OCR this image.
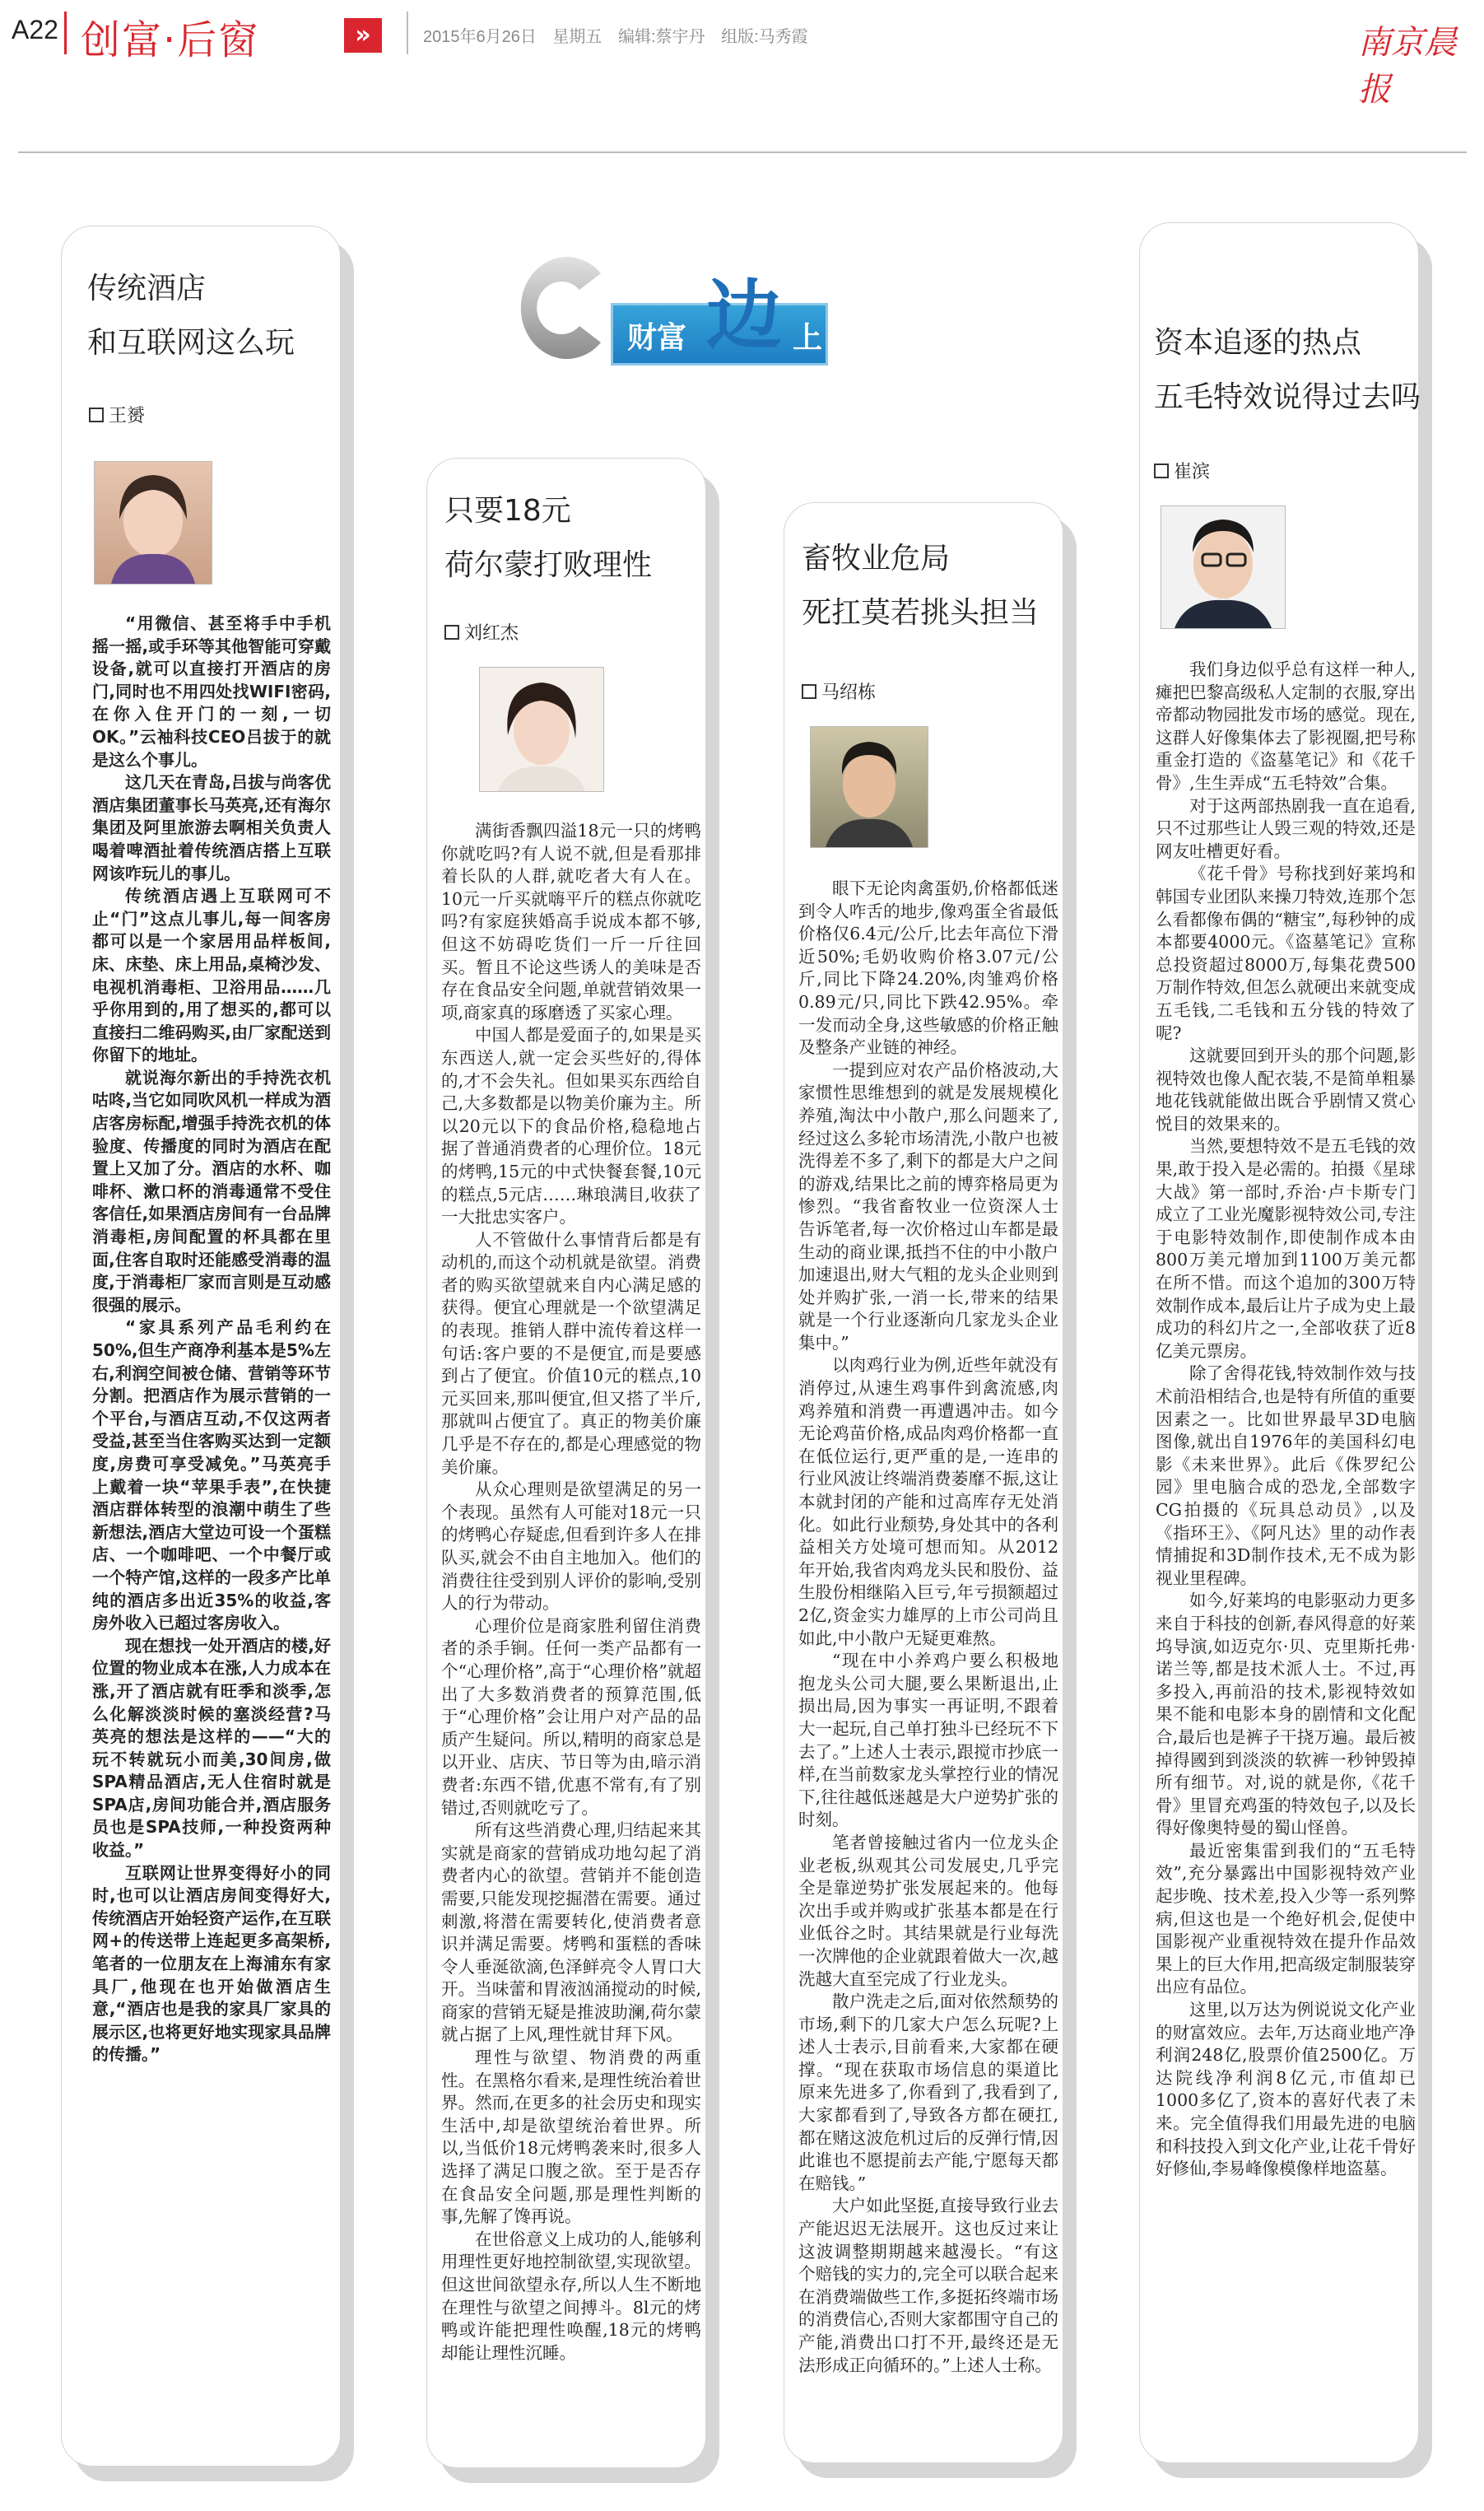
A22 创富·后窗	»	2015年6月26日 星期五 编辑:蔡宇丹 组版:马秀霞	南京晨报
财富 边 上
传统酒店
和互联网这么玩
王赟

“用微信、甚至将手中手机摇一摇,或手环等其他智能可穿戴设备,就可以直接打开酒店的房门,同时也不用四处找WIFI密码,在你入住开门的一刻,一切OK。”云袖科技CEO吕拔于的就是这么个事儿。

这几天在青岛,吕拔与尚客优酒店集团董事长马英亮,还有海尔集团及阿里旅游去啊相关负责人喝着啤酒扯着传统酒店搭上互联网该咋玩儿的事儿。

传统酒店遇上互联网可不止“门”这点儿事儿,每一间客房都可以是一个家居用品样板间,床、床垫、床上用品,桌椅沙发、电视机消毒柜、卫浴用品……几乎你用到的,用了想买的,都可以直接扫二维码购买,由厂家配送到你留下的地址。

就说海尔新出的手持洗衣机咕咚,当它如同吹风机一样成为酒店客房标配,增强手持洗衣机的体验度、传播度的同时为酒店在配置上又加了分。酒店的水杯、咖啡杯、漱口杯的消毒通常不受住客信任,如果酒店房间有一台品牌消毒柜,房间配置的杯具都在里面,住客自取时还能感受消毒的温度,于消毒柜厂家而言则是互动感很强的展示。

“家具系列产品毛利约在50%,但生产商净利基本是5%左右,利润空间被仓储、营销等环节分割。把酒店作为展示营销的一个平台,与酒店互动,不仅这两者受益,甚至当住客购买达到一定额度,房费可享受减免。”马英亮手上戴着一块“苹果手表”,在快捷酒店群体转型的浪潮中萌生了些新想法,酒店大堂边可设一个蛋糕店、一个咖啡吧、一个中餐厅或一个特产馆,这样的一段多产比单纯的酒店多出近35%的收益,客房外收入已超过客房收入。

现在想找一处开酒店的楼,好位置的物业成本在涨,人力成本在涨,开了酒店就有旺季和淡季,怎么化解淡淡时候的塞淡经营?马英亮的想法是这样的——“大的玩不转就玩小而美,30间房,做SPA精品酒店,无人住宿时就是SPA店,房间功能合并,酒店服务员也是SPA技师,一种投资两种收益。”

互联网让世界变得好小的同时,也可以让酒店房间变得好大,传统酒店开始轻资产运作,在互联网+的传送带上连起更多高架桥,笔者的一位朋友在上海浦东有家具厂,他现在也开始做酒店生意,“酒店也是我的家具厂家具的展示区,也将更好地实现家具品牌的传播。”

只要18元
荷尔蒙打败理性
刘红杰

满街香飘四溢18元一只的烤鸭你就吃吗?有人说不就,但是看那排着长队的人群,就吃者大有人在。10元一斤买就嗨平斤的糕点你就吃吗?有家庭狭婚高手说成本都不够,但这不妨碍吃货们一斤一斤往回买。暂且不论这些诱人的美味是否存在食品安全问题,单就营销效果一项,商家真的琢磨透了买家心理。

中国人都是爱面子的,如果是买东西送人,就一定会买些好的,得体的,才不会失礼。但如果买东西给自己,大多数都是以物美价廉为主。所以20元以下的食品价格,稳稳地占据了普通消费者的心理价位。18元的烤鸭,15元的中式快餐套餐,10元的糕点,5元店……琳琅满目,收获了一大批忠实客户。

人不管做什么事情背后都是有动机的,而这个动机就是欲望。消费者的购买欲望就来自内心满足感的获得。便宜心理就是一个欲望满足的表现。推销人群中流传着这样一句话:客户要的不是便宜,而是要感到占了便宜。价值10元的糕点,10元买回来,那叫便宜,但又搭了半斤,那就叫占便宜了。真正的物美价廉几乎是不存在的,都是心理感觉的物美价廉。

从众心理则是欲望满足的另一个表现。虽然有人可能对18元一只的烤鸭心存疑虑,但看到许多人在排队买,就会不由自主地加入。他们的消费往往受到别人评价的影响,受别人的行为带动。

心理价位是商家胜利留住消费者的杀手锏。任何一类产品都有一个“心理价格”,高于“心理价格”就超出了大多数消费者的预算范围,低于“心理价格”会让用户对产品的品质产生疑问。所以,精明的商家总是以开业、店庆、节日等为由,暗示消费者:东西不错,优惠不常有,有了别错过,否则就吃亏了。

所有这些消费心理,归结起来其实就是商家的营销成功地勾起了消费者内心的欲望。营销并不能创造需要,只能发现挖掘潜在需要。通过刺激,将潜在需要转化,使消费者意识并满足需要。烤鸭和蛋糕的香味令人垂涎欲滴,色泽鲜亮令人胃口大开。当味蕾和胃液汹涌搅动的时候,商家的营销无疑是推波助澜,荷尔蒙就占据了上风,理性就甘拜下风。

理性与欲望、物消费的两重性。在黑格尔看来,是理性统治着世界。然而,在更多的社会历史和现实生活中,却是欲望统治着世界。所以,当低价18元烤鸭袭来时,很多人选择了满足口腹之欲。至于是否存在食品安全问题,那是理性判断的事,先解了馋再说。

在世俗意义上成功的人,能够利用理性更好地控制欲望,实现欲望。但这世间欲望永存,所以人生不断地在理性与欲望之间搏斗。8l元的烤鸭或许能把理性唤醒,18元的烤鸭却能让理性沉睡。

畜牧业危局
死扛莫若挑头担当
马绍栋

眼下无论肉禽蛋奶,价格都低迷到令人咋舌的地步,像鸡蛋全省最低价格仅6.4元/公斤,比去年高位下滑近50%;毛奶收购价格3.07元/公斤,同比下降24.20%,肉雏鸡价格0.89元/只,同比下跌42.95%。牵一发而动全身,这些敏感的价格正触及整条产业链的神经。

一提到应对农产品价格波动,大家惯性思维想到的就是发展规模化养殖,淘汰中小散户,那么问题来了,经过这么多轮市场清洗,小散户也被洗得差不多了,剩下的都是大户之间的游戏,结果比之前的博弈格局更为惨烈。“我省畜牧业一位资深人士告诉笔者,每一次价格过山车都是最生动的商业课,抵挡不住的中小散户加速退出,财大气粗的龙头企业则到处并购扩张,一消一长,带来的结果就是一个行业逐渐向几家龙头企业集中。”

以肉鸡行业为例,近些年就没有消停过,从速生鸡事件到禽流感,肉鸡养殖和消费一再遭遇冲击。如今无论鸡苗价格,成品肉鸡价格都一直在低位运行,更严重的是,一连串的行业风波让终端消费萎靡不振,这让本就封闭的产能和过高库存无处消化。如此行业颓势,身处其中的各利益相关方处境可想而知。从2012年开始,我省肉鸡龙头民和股份、益生股份相继陷入巨亏,年亏损额超过2亿,资金实力雄厚的上市公司尚且如此,中小散户无疑更难熬。

“现在中小养鸡户要么积极地抱龙头公司大腿,要么果断退出,止损出局,因为事实一再证明,不跟着大一起玩,自己单打独斗已经玩不下去了。”上述人士表示,跟搅市抄底一样,在当前数家龙头掌控行业的情况下,往往越低迷越是大户逆势扩张的时刻。

笔者曾接触过省内一位龙头企业老板,纵观其公司发展史,几乎完全是靠逆势扩张发展起来的。他每次出手或并购或扩张基本都是在行业低谷之时。其结果就是行业每洗一次牌他的企业就跟着做大一次,越洗越大直至完成了行业龙头。

散户洗走之后,面对依然颓势的市场,剩下的几家大户怎么玩呢?上述人士表示,目前看来,大家都在硬撑。“现在获取市场信息的渠道比原来先进多了,你看到了,我看到了,大家都看到了,导致各方都在硬扛,都在赌这波危机过后的反弹行情,因此谁也不愿提前去产能,宁愿每天都在赔钱。”

大户如此坚挺,直接导致行业去产能迟迟无法展开。这也反过来让这波调整期期越来越漫长。“有这个赔钱的实力的,完全可以联合起来在消费端做些工作,多挺拓终端市场的消费信心,否则大家都围守自己的产能,消费出口打不开,最终还是无法形成正向循环的。”上述人士称。

资本追逐的热点
五毛特效说得过去吗
崔滨

我们身边似乎总有这样一种人,瘫把巴黎高级私人定制的衣服,穿出帝都动物园批发市场的感觉。现在,这群人好像集体去了影视圈,把号称重金打造的《盗墓笔记》和《花千骨》,生生弄成“五毛特效”合集。

对于这两部热剧我一直在追看,只不过那些让人毁三观的特效,还是网友吐槽更好看。

《花千骨》号称找到好莱坞和韩国专业团队来操刀特效,连那个怎么看都像布偶的“糖宝”,每秒钟的成本都要4000元。《盗墓笔记》宣称总投资超过8000万,每集花费500万制作特效,但怎么就硬出来就变成五毛钱,二毛钱和五分钱的特效了呢?

这就要回到开头的那个问题,影视特效也像人配衣装,不是简单粗暴地花钱就能做出既合乎剧情又赏心悦目的效果来的。

当然,要想特效不是五毛钱的效果,敢于投入是必需的。拍摄《星球大战》第一部时,乔治·卢卡斯专门成立了工业光魔影视特效公司,专注于电影特效制作,即使制作成本由800万美元增加到1100万美元都在所不惜。而这个追加的300万特效制作成本,最后让片子成为史上最成功的科幻片之一,全部收获了近8亿美元票房。

除了舍得花钱,特效制作效与技术前沿相结合,也是特有所值的重要因素之一。比如世界最早3D电脑图像,就出自1976年的美国科幻电影《未来世界》。此后《侏罗纪公园》里电脑合成的恐龙,全部数字CG拍摄的《玩具总动员》,以及《指环王》、《阿凡达》里的动作表情捕捉和3D制作技术,无不成为影视业里程碑。

如今,好莱坞的电影驱动力更多来自于科技的创新,春风得意的好莱坞导演,如迈克尔·贝、克里斯托弗·诺兰等,都是技术派人士。不过,再多投入,再前沿的技术,影视特效如果不能和电影本身的剧情和文化配合,最后也是裤子干挠万遍。最后被掉得國到到淡淡的软裤一秒钟毁掉所有细节。对,说的就是你,《花千骨》里冒充鸡蛋的特效包子,以及长得好像奥特曼的蜀山怪兽。

最近密集雷到我们的“五毛特效”,充分暴露出中国影视特效产业起步晚、技术差,投入少等一系列弊病,但这也是一个绝好机会,促使中国影视产业重视特效在提升作品效果上的巨大作用,把高级定制服装穿出应有品位。

这里,以万达为例说说文化产业的财富效应。去年,万达商业地产净利润248亿,股票价值2500亿。万达院线净利润8亿元,市值却已1000多亿了,资本的喜好代表了未来。完全值得我们用最先进的电脑和科技投入到文化产业,让花千骨好好修仙,李易峰像模像样地盗墓。
